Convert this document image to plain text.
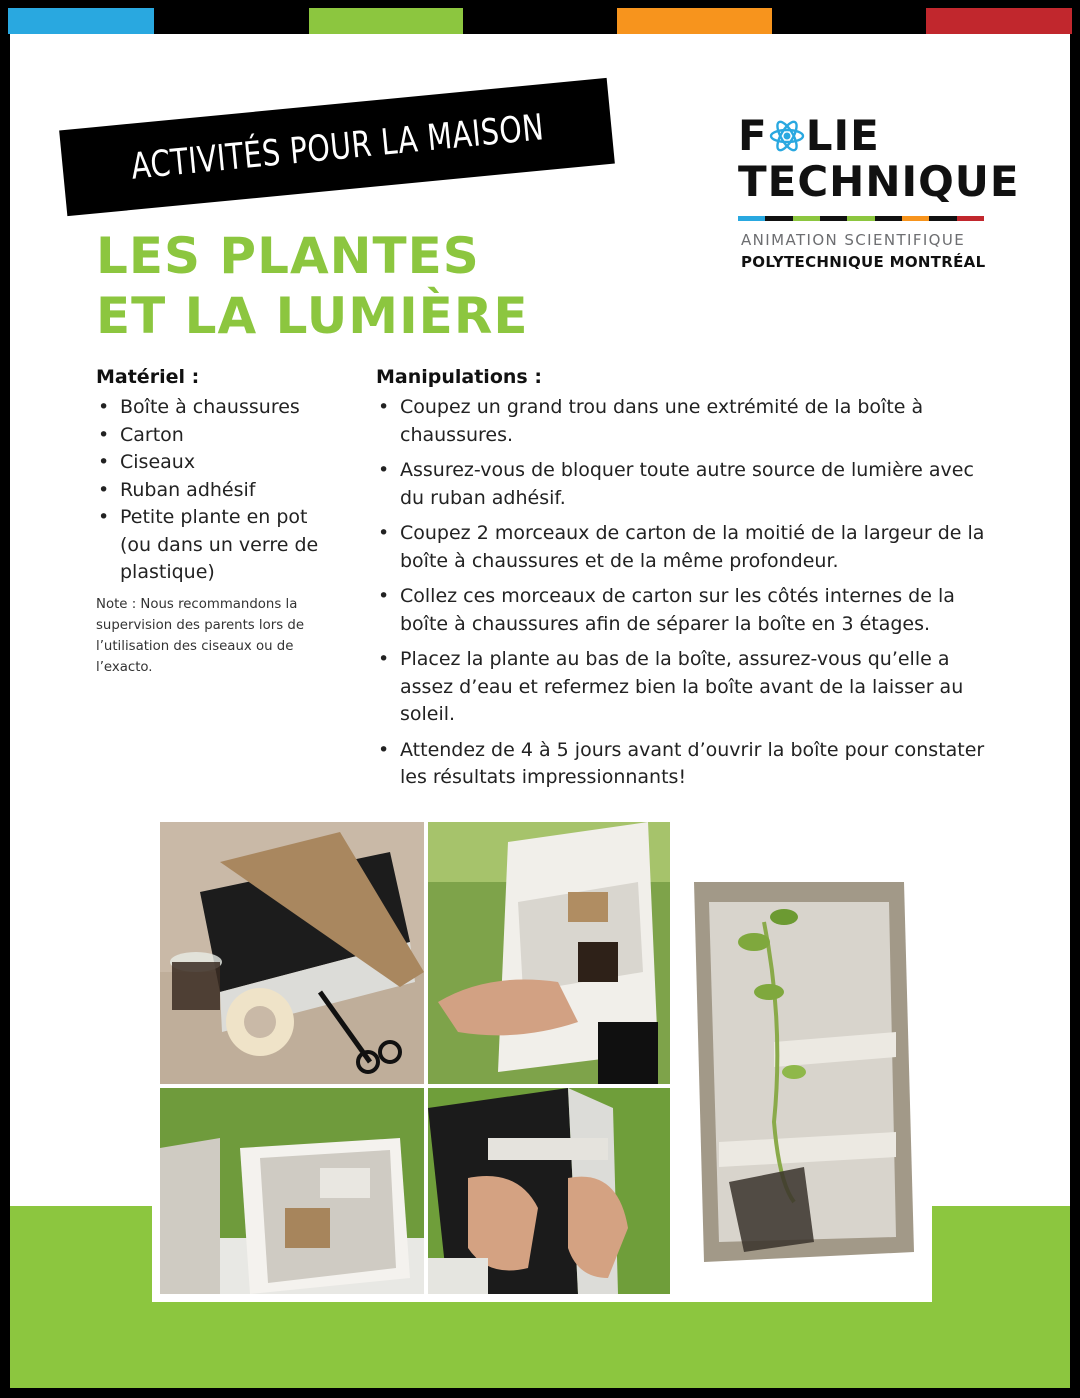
ACTIVITÉS POUR LA MAISON
LES PLANTES
ET LA LUMIÈRE
F LIE
TECHNIQUE
ANIMATION SCIENTIFIQUE
POLYTECHNIQUE MONTRÉAL
Matériel :
• Boîte à chaussures
• Carton
• Ciseaux
• Ruban adhésif
• Petite plante en pot (ou dans un verre de plastique)

Note : Nous recommandons la supervision des parents lors de l’utilisation des ciseaux ou de l’exacto.

Manipulations :
• Coupez un grand trou dans une extrémité de la boîte à chaussures.
• Assurez-vous de bloquer toute autre source de lumière avec du ruban adhésif.
• Coupez 2 morceaux de carton de la moitié de la largeur de la boîte à chaussures et de la même profondeur.
• Collez ces morceaux de carton sur les côtés internes de la boîte à chaussures afin de séparer la boîte en 3 étages.
• Placez la plante au bas de la boîte, assurez-vous qu’elle a assez d’eau et refermez bien la boîte avant de la laisser au soleil.
• Attendez de 4 à 5 jours avant d’ouvrir la boîte pour constater les résultats impressionnants!
